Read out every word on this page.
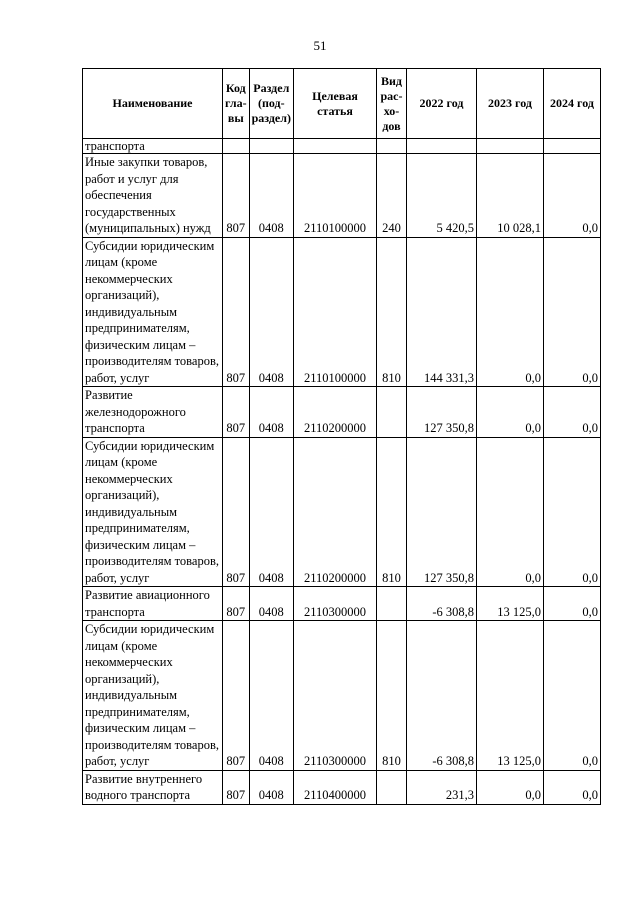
51
Наименование	Код гла-вы	Раздел (под-раздел)	Целевая статья	Вид рас-хо-дов	2022 год	2023 год	2024 год
транспорта							
Иные закупки товаров, работ и услуг для обеспечения государственных (муниципальных) нужд	807	0408	2110100000	240	5 420,5	10 028,1	0,0
Субсидии юридическим лицам (кроме некоммерческих организаций), индивидуальным предпринимателям, физическим лицам – производителям товаров, работ, услуг	807	0408	2110100000	810	144 331,3	0,0	0,0
Развитие железнодорожного транспорта	807	0408	2110200000		127 350,8	0,0	0,0
Субсидии юридическим лицам (кроме некоммерческих организаций), индивидуальным предпринимателям, физическим лицам – производителям товаров, работ, услуг	807	0408	2110200000	810	127 350,8	0,0	0,0
Развитие авиационного транспорта	807	0408	2110300000		-6 308,8	13 125,0	0,0
Субсидии юридическим лицам (кроме некоммерческих организаций), индивидуальным предпринимателям, физическим лицам – производителям товаров, работ, услуг	807	0408	2110300000	810	-6 308,8	13 125,0	0,0
Развитие внутреннего водного транспорта	807	0408	2110400000		231,3	0,0	0,0
